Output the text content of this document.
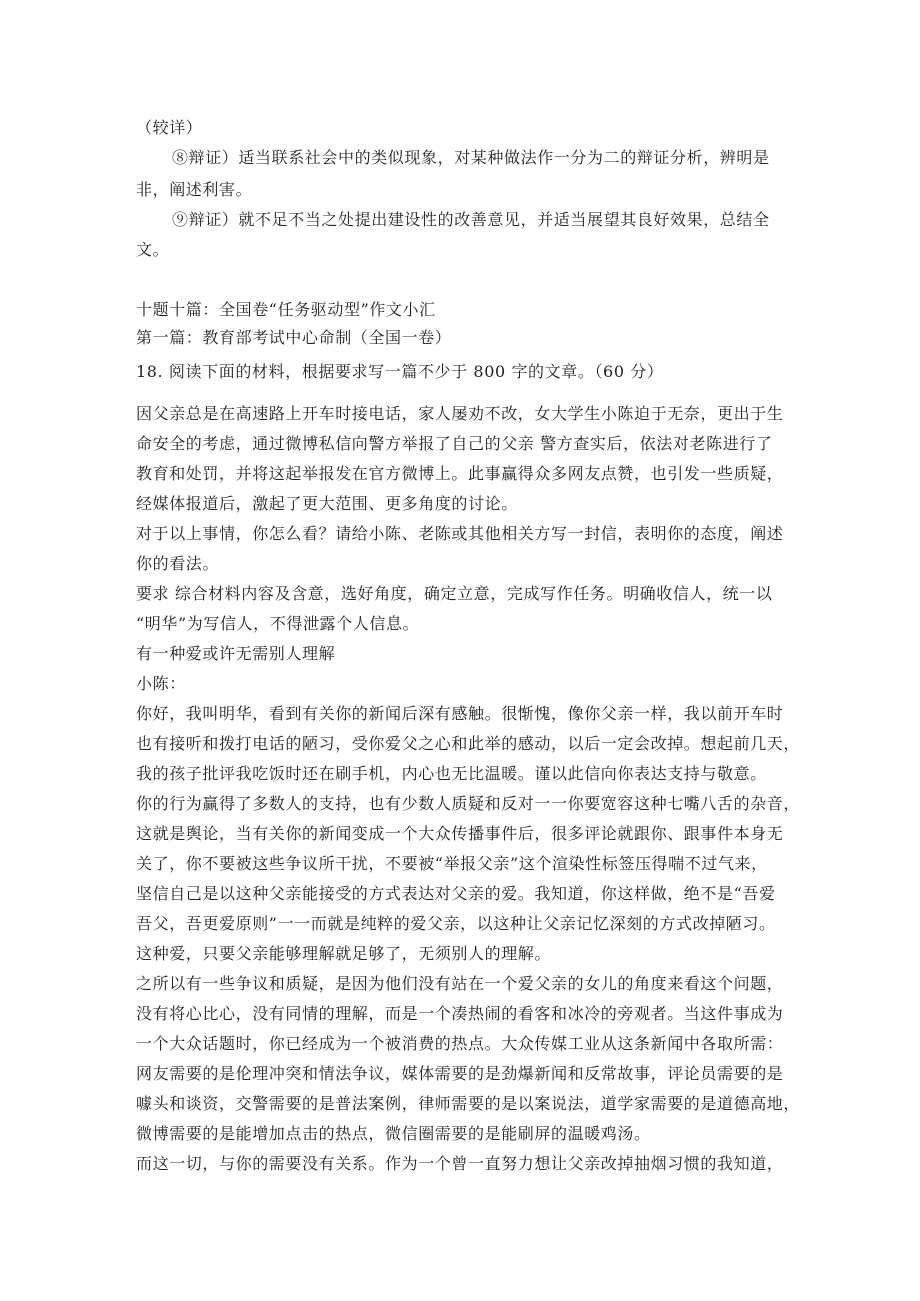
（较详）
⑧辩证）适当联系社会中的类似现象，对某种做法作一分为二的辩证分析，辨明是
非，阐述利害。
⑨辩证）就不足不当之处提出建设性的改善意见，并适当展望其良好效果，总结全
文。
十题十篇：全国卷“任务驱动型”作文小汇
第一篇：教育部考试中心命制（全国一卷）
18. 阅读下面的材料，根据要求写一篇不少于 800 字的文章。（60 分）
因父亲总是在高速路上开车时接电话，家人屡劝不改，女大学生小陈迫于无奈，更出于生
命安全的考虑，通过微博私信向警方举报了自己的父亲 警方查实后，依法对老陈进行了
教育和处罚，并将这起举报发在官方微博上。此事赢得众多网友点赞，也引发一些质疑，
经媒体报道后，激起了更大范围、更多角度的讨论。
对于以上事情，你怎么看？请给小陈、老陈或其他相关方写一封信，表明你的态度，阐述
你的看法。
要求 综合材料内容及含意，选好角度，确定立意，完成写作任务。明确收信人，统一以
“明华”为写信人，不得泄露个人信息。
有一种爱或许无需别人理解
小陈：
你好，我叫明华，看到有关你的新闻后深有感触。很惭愧，像你父亲一样，我以前开车时
也有接听和拨打电话的陋习，受你爱父之心和此举的感动，以后一定会改掉。想起前几天，
我的孩子批评我吃饭时还在刷手机，内心也无比温暖。谨以此信向你表达支持与敬意。
你的行为赢得了多数人的支持，也有少数人质疑和反对一一你要宽容这种七嘴八舌的杂音，
这就是舆论，当有关你的新闻变成一个大众传播事件后，很多评论就跟你、跟事件本身无
关了，你不要被这些争议所干扰，不要被“举报父亲”这个渲染性标签压得喘不过气来，
坚信自己是以这种父亲能接受的方式表达对父亲的爱。我知道，你这样做，绝不是“吾爱
吾父，吾更爱原则”一一而就是纯粹的爱父亲，以这种让父亲记忆深刻的方式改掉陋习。
这种爱，只要父亲能够理解就足够了，无须别人的理解。
之所以有一些争议和质疑，是因为他们没有站在一个爱父亲的女儿的角度来看这个问题，
没有将心比心，没有同情的理解，而是一个凑热闹的看客和冰冷的旁观者。当这件事成为
一个大众话题时，你已经成为一个被消费的热点。大众传媒工业从这条新闻中各取所需：
网友需要的是伦理冲突和情法争议，媒体需要的是劲爆新闻和反常故事，评论员需要的是
噱头和谈资，交警需要的是普法案例，律师需要的是以案说法，道学家需要的是道德高地，
微博需要的是能增加点击的热点，微信圈需要的是能刷屏的温暖鸡汤。
而这一切，与你的需要没有关系。作为一个曾一直努力想让父亲改掉抽烟习惯的我知道，
